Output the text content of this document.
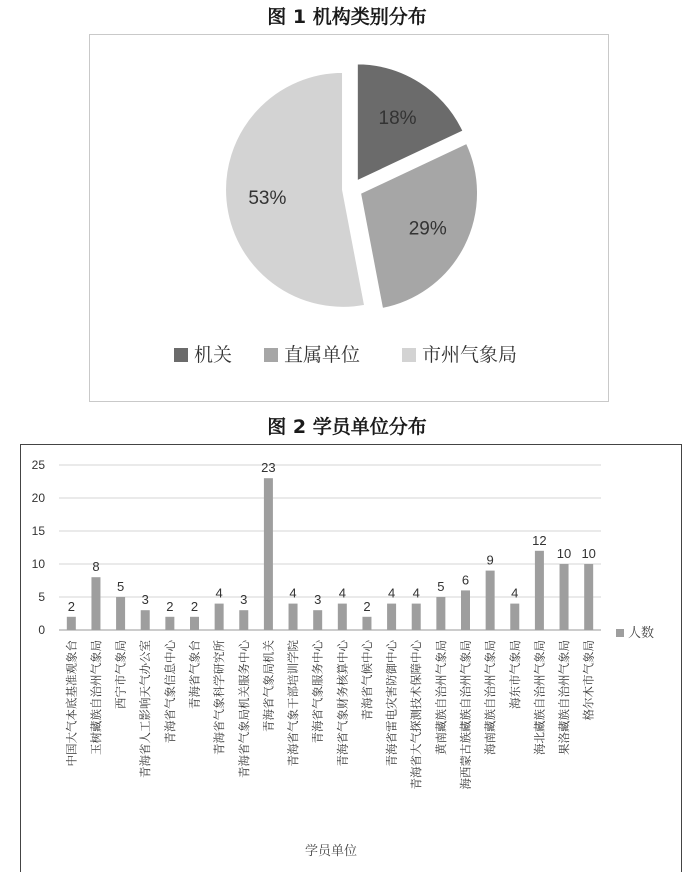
图 1 机构类别分布
18%
29%
53%
机关	直属单位	市州气象局
图 2 学员单位分布
0
5
10
15
20
25
2
中国大气本底基准观象台
8
玉树藏族自治州气象局
5
西宁市气象局
3
青海省人工影响天气办公室
2
青海省气象信息中心
2
青海省气象台
4
青海省气象科学研究所
3
青海省气象局机关服务中心
23
青海省气象局机关
4
青海省气象干部培训学院
3
青海省气象服务中心
4
青海省气象财务核算中心
2
青海省气候中心
4
青海省雷电灾害防御中心
4
青海省大气探测技术保障中心
5
黄南藏族自治州气象局
6
海西蒙古族藏族自治州气象局
9
海南藏族自治州气象局
4
海东市气象局
12
海北藏族自治州气象局
10
果洛藏族自治州气象局
10
格尔木市气象局
人数
学员单位
